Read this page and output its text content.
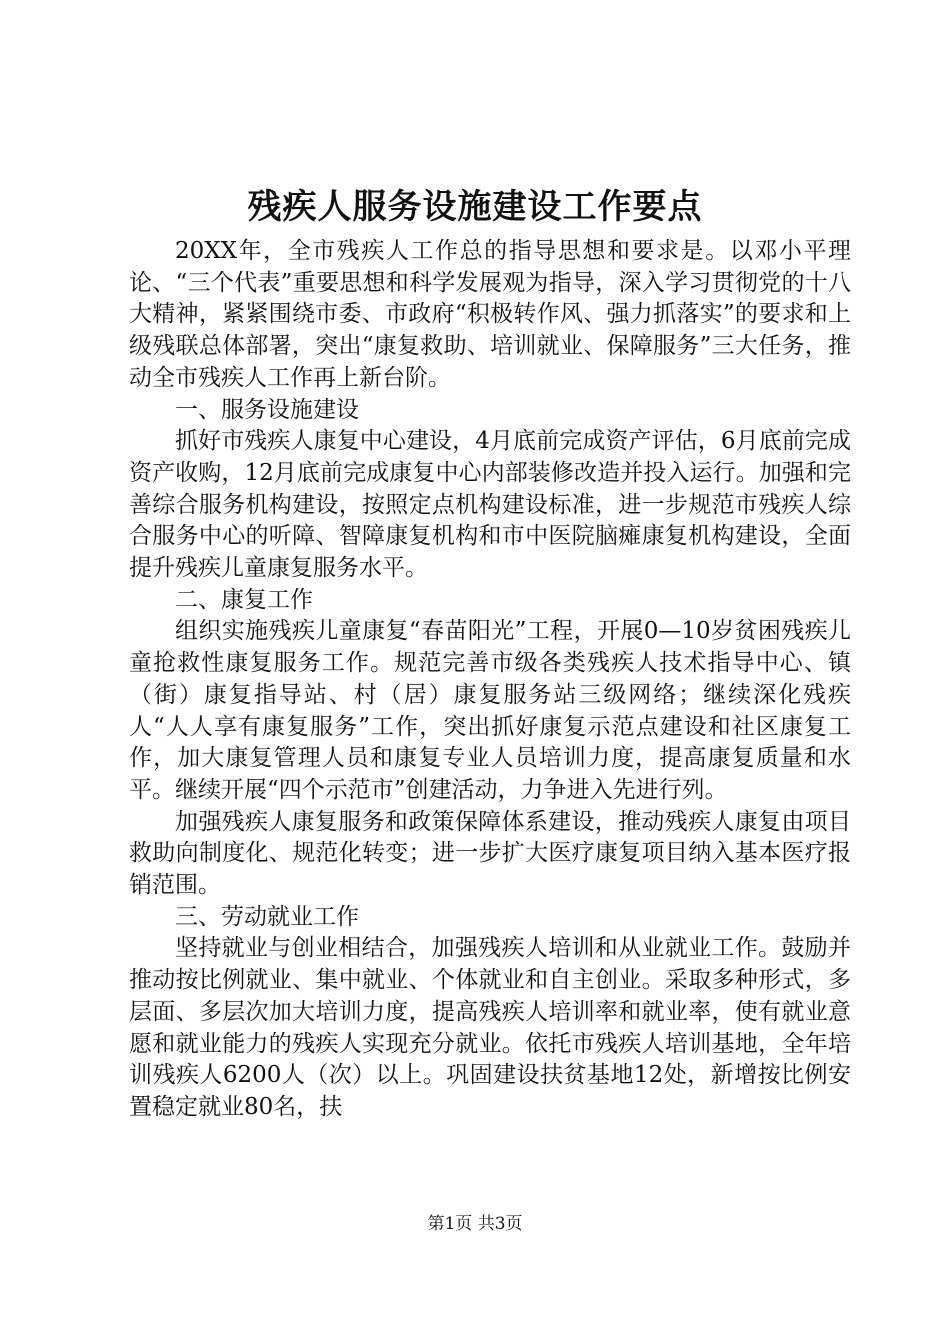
残疾人服务设施建设工作要点

20XX年，全市残疾人工作总的指导思想和要求是。以邓小平理论、“三个代表”重要思想和科学发展观为指导，深入学习贯彻党的十八大精神，紧紧围绕市委、市政府“积极转作风、强力抓落实”的要求和上级残联总体部署，突出“康复救助、培训就业、保障服务”三大任务，推动全市残疾人工作再上新台阶。

一、服务设施建设

抓好市残疾人康复中心建设，4月底前完成资产评估，6月底前完成资产收购，12月底前完成康复中心内部装修改造并投入运行。加强和完善综合服务机构建设，按照定点机构建设标准，进一步规范市残疾人综合服务中心的听障、智障康复机构和市中医院脑瘫康复机构建设，全面提升残疾儿童康复服务水平。

二、康复工作

组织实施残疾儿童康复“春苗阳光”工程，开展0—10岁贫困残疾儿童抢救性康复服务工作。规范完善市级各类残疾人技术指导中心、镇（街）康复指导站、村（居）康复服务站三级网络；继续深化残疾人“人人享有康复服务”工作，突出抓好康复示范点建设和社区康复工作，加大康复管理人员和康复专业人员培训力度，提高康复质量和水平。继续开展“四个示范市”创建活动，力争进入先进行列。

加强残疾人康复服务和政策保障体系建设，推动残疾人康复由项目救助向制度化、规范化转变；进一步扩大医疗康复项目纳入基本医疗报销范围。

三、劳动就业工作

坚持就业与创业相结合，加强残疾人培训和从业就业工作。鼓励并推动按比例就业、集中就业、个体就业和自主创业。采取多种形式，多层面、多层次加大培训力度，提高残疾人培训率和就业率，使有就业意愿和就业能力的残疾人实现充分就业。依托市残疾人培训基地，全年培训残疾人6200人（次）以上。巩固建设扶贫基地12处，新增按比例安置稳定就业80名，扶

第1页 共3页
